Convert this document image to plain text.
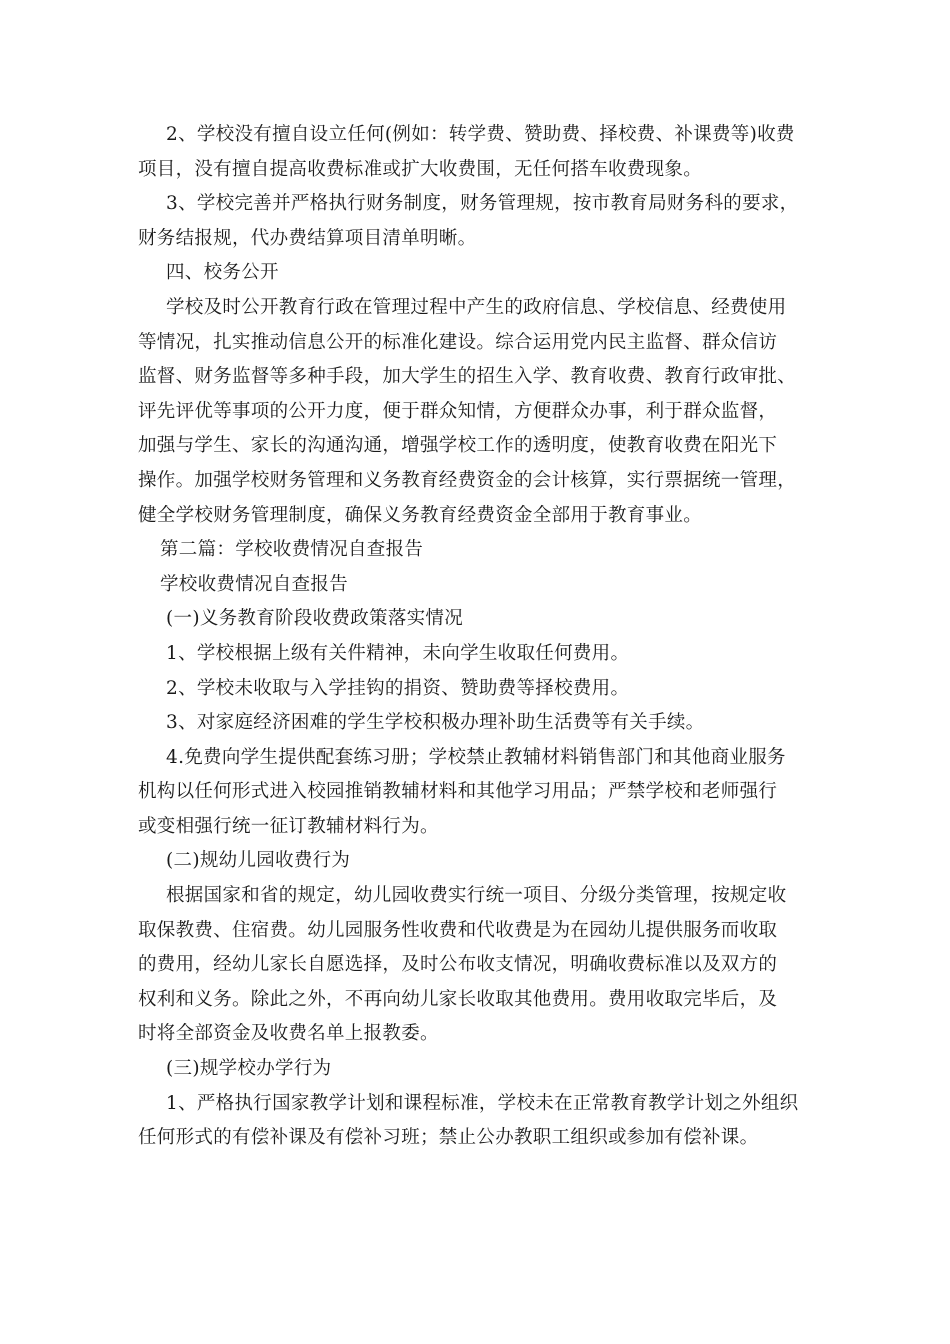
2、学校没有擅自设立任何(例如：转学费、赞助费、择校费、补课费等)收费
项目，没有擅自提高收费标准或扩大收费围，无任何搭车收费现象。
3、学校完善并严格执行财务制度，财务管理规，按市教育局财务科的要求，
财务结报规，代办费结算项目清单明晰。
四、校务公开
学校及时公开教育行政在管理过程中产生的政府信息、学校信息、经费使用
等情况，扎实推动信息公开的标准化建设。综合运用党内民主监督、群众信访
监督、财务监督等多种手段，加大学生的招生入学、教育收费、教育行政审批、
评先评优等事项的公开力度，便于群众知情，方便群众办事，利于群众监督，
加强与学生、家长的沟通沟通，增强学校工作的透明度，使教育收费在阳光下
操作。加强学校财务管理和义务教育经费资金的会计核算，实行票据统一管理，
健全学校财务管理制度，确保义务教育经费资金全部用于教育事业。
第二篇：学校收费情况自查报告
学校收费情况自查报告
(一)义务教育阶段收费政策落实情况
1、学校根据上级有关件精神，未向学生收取任何费用。
2、学校未收取与入学挂钩的捐资、赞助费等择校费用。
3、对家庭经济困难的学生学校积极办理补助生活费等有关手续。
4.免费向学生提供配套练习册；学校禁止教辅材料销售部门和其他商业服务
机构以任何形式进入校园推销教辅材料和其他学习用品；严禁学校和老师强行
或变相强行统一征订教辅材料行为。
(二)规幼儿园收费行为
根据国家和省的规定，幼儿园收费实行统一项目、分级分类管理，按规定收
取保教费、住宿费。幼儿园服务性收费和代收费是为在园幼儿提供服务而收取
的费用，经幼儿家长自愿选择，及时公布收支情况，明确收费标准以及双方的
权利和义务。除此之外，不再向幼儿家长收取其他费用。费用收取完毕后，及
时将全部资金及收费名单上报教委。
(三)规学校办学行为
1、严格执行国家教学计划和课程标准，学校未在正常教育教学计划之外组织
任何形式的有偿补课及有偿补习班；禁止公办教职工组织或参加有偿补课。
